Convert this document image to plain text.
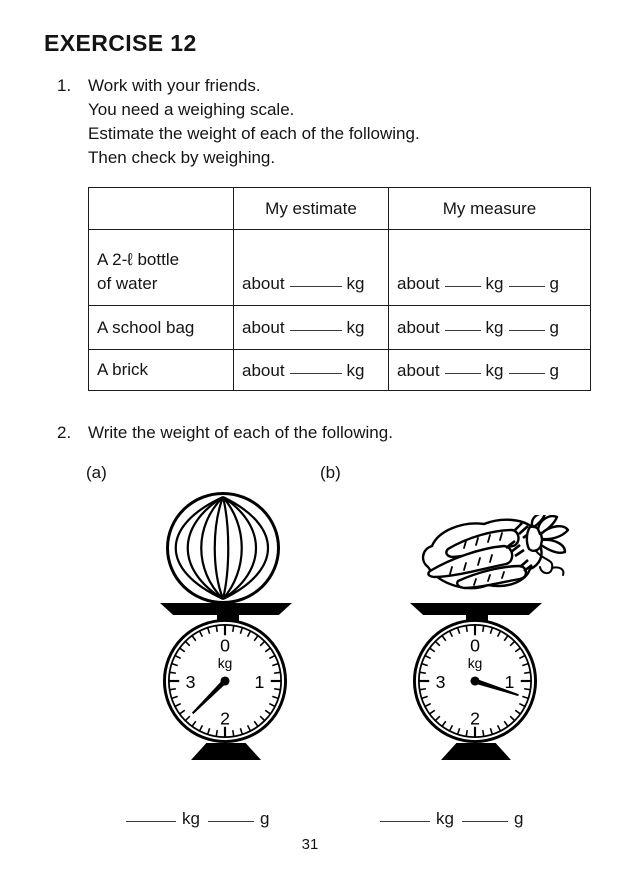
EXERCISE 12
1. Work with your friends.
You need a weighing scale.
Estimate the weight of each of the following.
Then check by weighing.
	My estimate	My measure

A 2-ℓ bottle
of water	about kg	about kg g

A school bag	about kg	about kg g

A brick	about kg	about kg g
2. Write the weight of each of the following.
(a)	(b)
0
1
2
3
kg
0
1
2
3
kg
kg	g	kg	g
31
